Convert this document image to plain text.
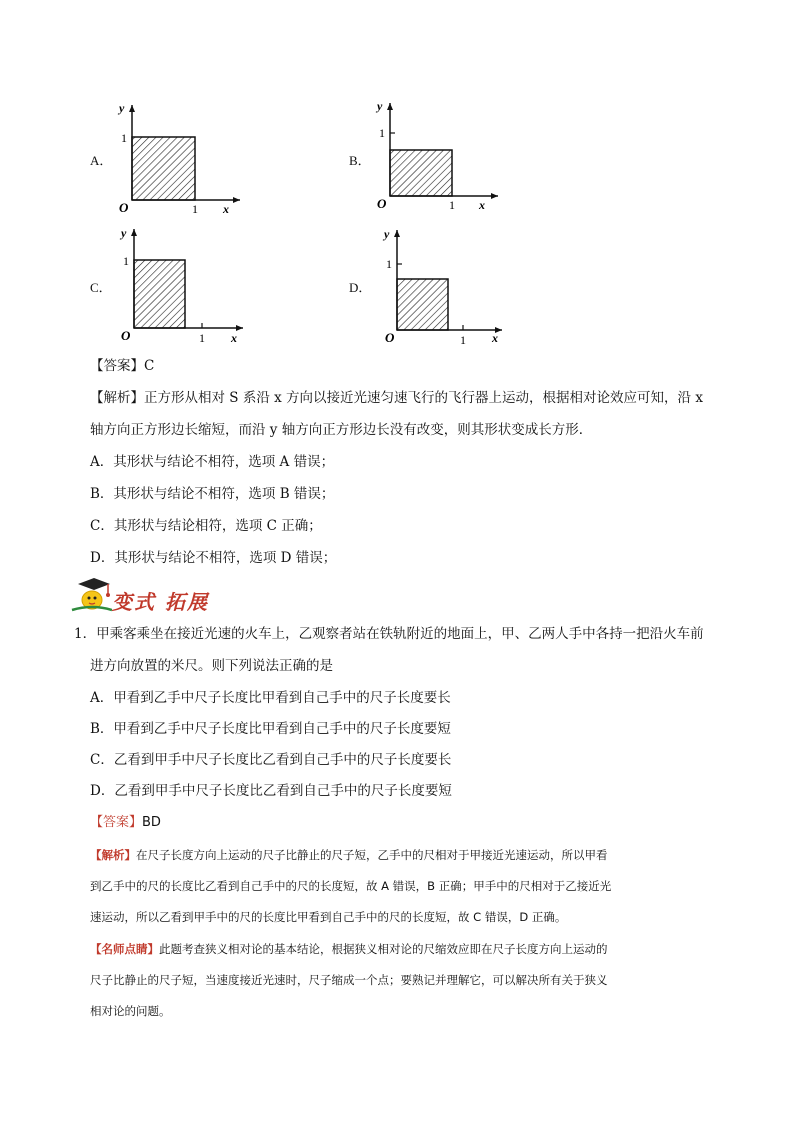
A．
y
1
O	1 x
B．
y
1
O	1 x
C．
y
1
O	1 x
D．
y
1
O	1 x
【答案】C
【解析】正方形从相对 S 系沿 x 方向以接近光速匀速飞行的飞行器上运动，根据相对论效应可知，沿 x
轴方向正方形边长缩短，而沿 y 轴方向正方形边长没有改变，则其形状变成长方形．
A．其形状与结论不相符，选项 A 错误；
B．其形状与结论不相符，选项 B 错误；
C．其形状与结论相符，选项 C 正确；
D．其形状与结论不相符，选项 D 错误；
变式 拓展
1．甲乘客乘坐在接近光速的火车上，乙观察者站在铁轨附近的地面上，甲、乙两人手中各持一把沿火车前
进方向放置的米尺。则下列说法正确的是
A．甲看到乙手中尺子长度比甲看到自己手中的尺子长度要长
B．甲看到乙手中尺子长度比甲看到自己手中的尺子长度要短
C．乙看到甲手中尺子长度比乙看到自己手中的尺子长度要长
D．乙看到甲手中尺子长度比乙看到自己手中的尺子长度要短
【答案】BD
【解析】在尺子长度方向上运动的尺子比静止的尺子短，乙手中的尺相对于甲接近光速运动，所以甲看
到乙手中的尺的长度比乙看到自己手中的尺的长度短，故 A 错误，B 正确；甲手中的尺相对于乙接近光
速运动，所以乙看到甲手中的尺的长度比甲看到自己手中的尺的长度短，故 C 错误，D 正确。
【名师点睛】此题考查狭义相对论的基本结论，根据狭义相对论的尺缩效应即在尺子长度方向上运动的
尺子比静止的尺子短，当速度接近光速时，尺子缩成一个点；要熟记并理解它，可以解决所有关于狭义
相对论的问题。
